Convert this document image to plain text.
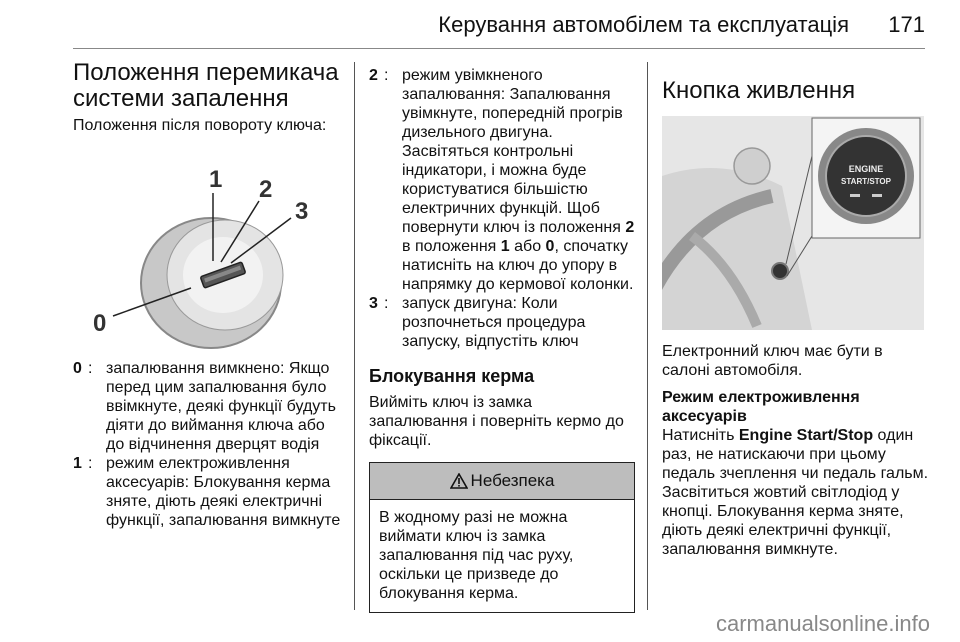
Керування автомобілем та експлуатація 171
Положення перемикача системи запалення

Положення після повороту ключа:

1 2
3
0
0 : запалювання вимкнено: Якщо перед цим запалювання було ввімкнуте, деякі функції будуть діяти до виймання ключа або до відчинення дверцят водія
1 : режим електроживлення аксесуарів: Блокування керма зняте, діють деякі електричні функції, запалювання вимкнуте
2 : режим увімкненого запалювання: Запалювання увімкнуте, попередній прогрів дизельного двигуна. Засвітяться контрольні індикатори, і можна буде користуватися більшістю електричних функцій. Щоб повернути ключ із положення 2 в положення 1 або 0, спочатку натисніть на ключ до упору в напрямку до кермової колонки.
3 : запуск двигуна: Коли розпочнеться процедура запуску, відпустіть ключ
Блокування керма

Вийміть ключ із замка запалювання і поверніть кермо до фіксації.

Небезпека
В жодному разі не можна виймати ключ із замка запалювання під час руху, оскільки це призведе до блокування керма.
Кнопка живлення
ENGINE
START/STOP

Електронний ключ має бути в салоні автомобіля.

Режим електроживлення аксесуарів

Натисніть Engine Start/Stop один раз, не натискаючи при цьому педаль зчеплення чи педаль гальм. Засвітиться жовтий світлодіод у кнопці. Блокування керма зняте, діють деякі електричні функції, запалювання вимкнуте.

carmanualsonline.info
